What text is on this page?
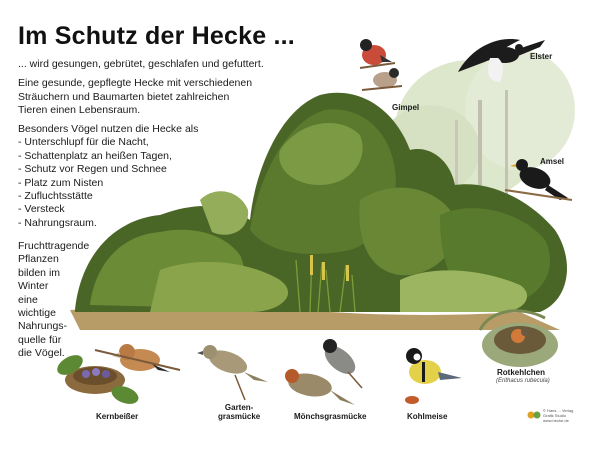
Im Schutz der Hecke ...
... wird gesungen, gebrütet, geschlafen und gefuttert.
Eine gesunde, gepflegte Hecke mit verschiedenen
Sträuchern und Baumarten bietet zahlreichen
Tieren einen Lebensraum.
Besonders Vögel nutzen die Hecke als
- Unterschlupf für die Nacht,
- Schattenplatz an heißen Tagen,
- Schutz vor Regen und Schnee
- Platz zum Nisten
- Zufluchtsstätte
- Versteck
- Nahrungsraum.
Fruchttragende
Pflanzen
bilden im
Winter
eine
wichtige
Nahrungs-
quelle für
die Vögel.
Gimpel
Elster
Amsel
Kernbeißer
Garten-
grasmücke	Mönchsgrasmücke	Kohlmeise
Rotkehlchen
(Erithacus rubecula)
© Hans ... Verlag
Grafik Studio
www.hecke.de
